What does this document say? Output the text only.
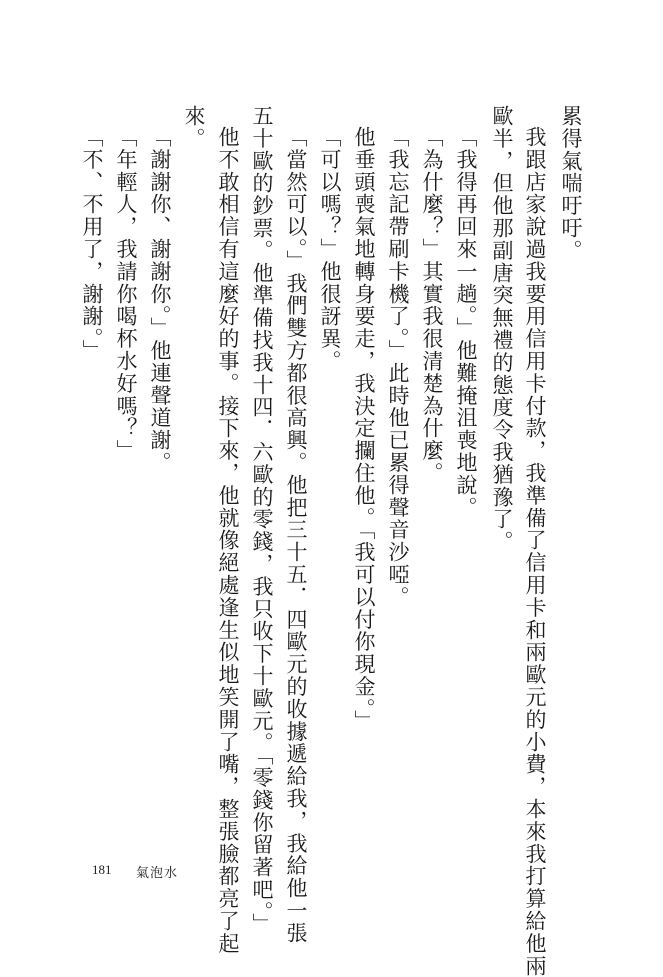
累得氣喘吁吁。
我跟店家說過我要用信用卡付款，我準備了信用卡和兩歐元的小費，本來我打算給他兩
歐半，但他那副唐突無禮的態度令我猶豫了。
「我得再回來一趟。」他難掩沮喪地說。
「為什麼？」其實我很清楚為什麼。
「我忘記帶刷卡機了。」此時他已累得聲音沙啞。
他垂頭喪氣地轉身要走，我決定攔住他。「我可以付你現金。」
「可以嗎？」他很訝異。
「當然可以。」我們雙方都很高興。他把三十五．四歐元的收據遞給我，我給他一張
五十歐的鈔票。他準備找我十四．六歐的零錢，我只收下十歐元。「零錢你留著吧。」
他不敢相信有這麼好的事。接下來，他就像絕處逢生似地笑開了嘴，整張臉都亮了起
來。
「謝謝你、謝謝你。」他連聲道謝。
「年輕人，我請你喝杯水好嗎？」
「不、不用了，謝謝。」
181 氣泡水
